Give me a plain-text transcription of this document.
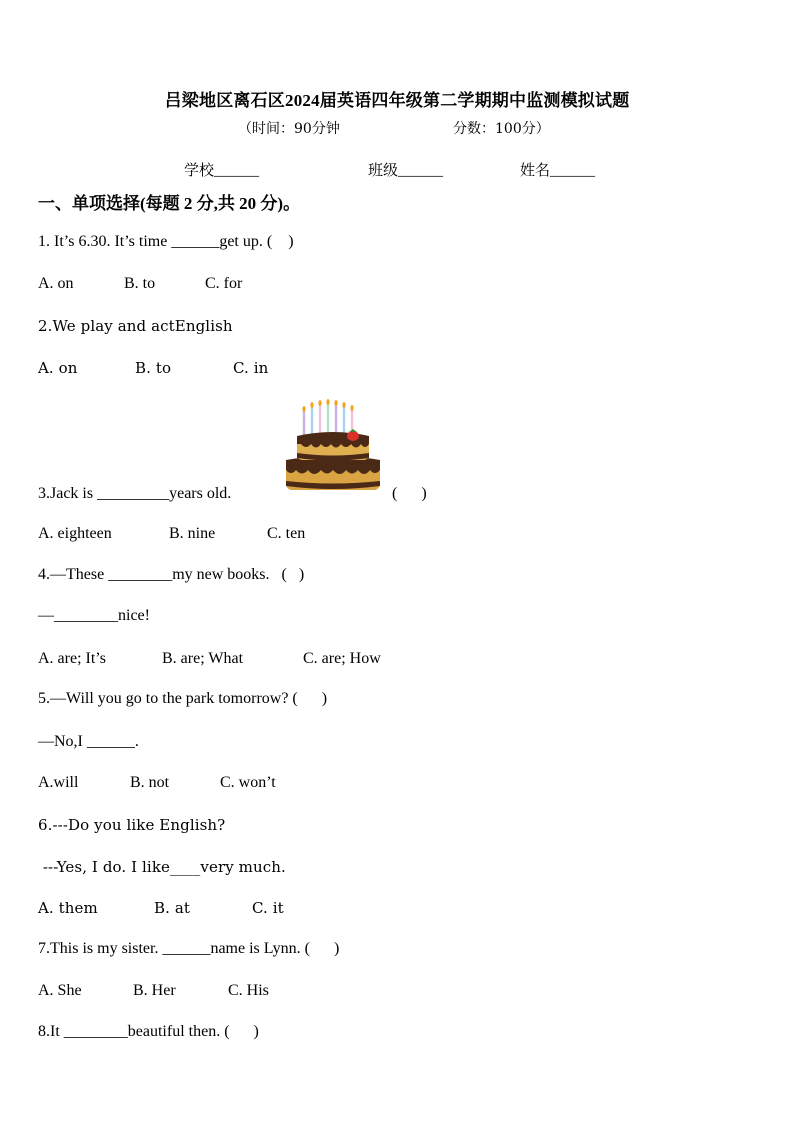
吕梁地区离石区2024届英语四年级第二学期期中监测模拟试题
（时间：90分钟	分数：100分）
学校______	班级______	姓名______
一、单项选择(每题 2 分,共 20 分)。
1. It’s 6.30. It’s time ______get up. (    )
A. on	B. to	C. for
2.We play and actEnglish
A. on	B. to	C. in
3.Jack is _________years old.	(      )
A. eighteen	B. nine	C. ten
4.—These ________my new books.   (   )
—________nice!
A. are; It’s	B. are; What	C. are; How
5.—Will you go to the park tomorrow? (      )
—No,I ______.
A.will	B. not	C. won’t
6.---Do you like English?
---Yes, I do. I like____very much.
A. them	B. at	C. it
7.This is my sister. ______name is Lynn. (      )
A. She	B. Her	C. His
8.It ________beautiful then. (      )
